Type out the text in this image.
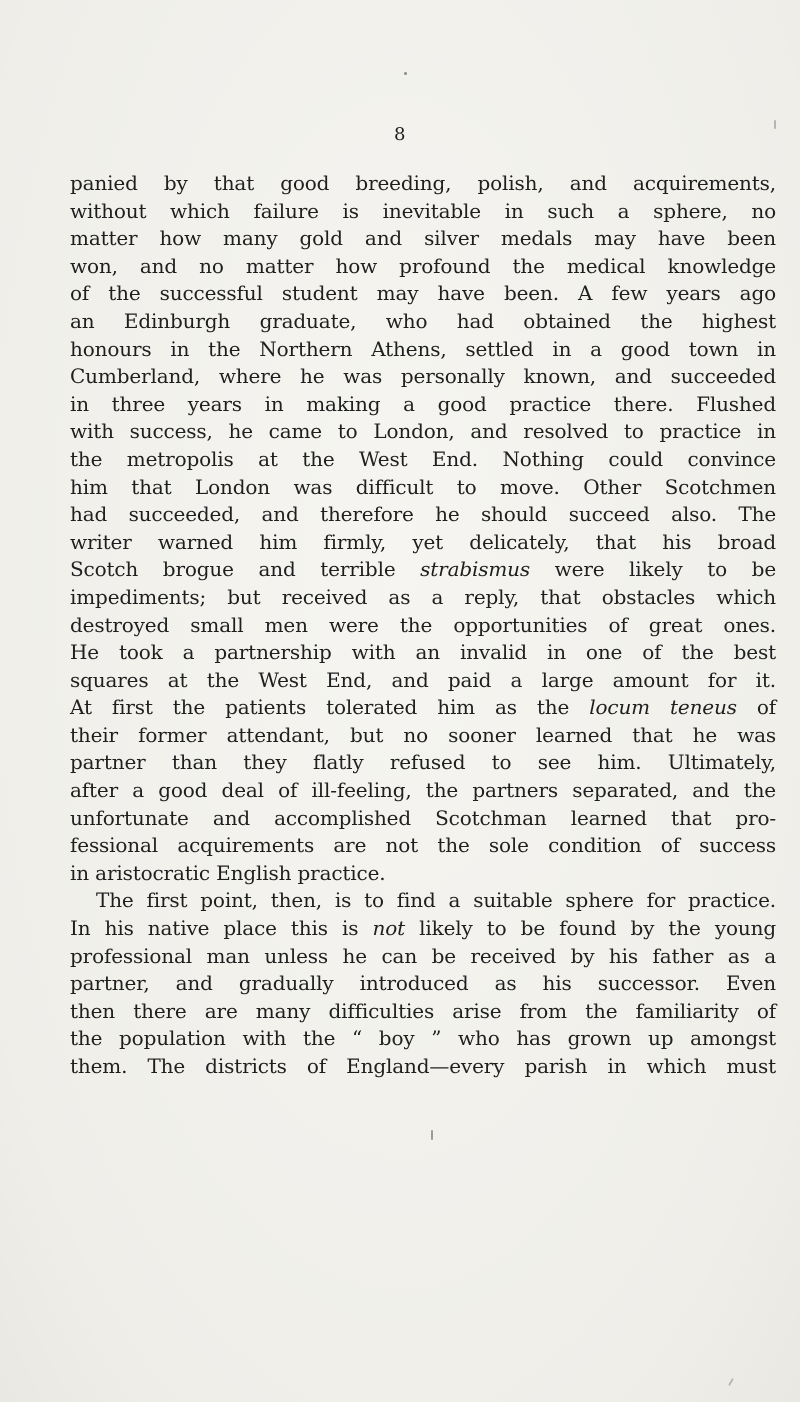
8
panied by that good breeding, polish, and acquirements,
without which failure is inevitable in such a sphere, no
matter how many gold and silver medals may have been
won, and no matter how profound the medical knowledge
of the successful student may have been. A few years ago
an Edinburgh graduate, who had obtained the highest
honours in the Northern Athens, settled in a good town in
Cumberland, where he was personally known, and succeeded
in three years in making a good practice there. Flushed
with success, he came to London, and resolved to practice in
the metropolis at the West End. Nothing could convince
him that London was difficult to move. Other Scotchmen
had succeeded, and therefore he should succeed also. The
writer warned him firmly, yet delicately, that his broad
Scotch brogue and terrible strabismus were likely to be
impediments; but received as a reply, that obstacles which
destroyed small men were the opportunities of great ones.
He took a partnership with an invalid in one of the best
squares at the West End, and paid a large amount for it.
At first the patients tolerated him as the locum teneus of
their former attendant, but no sooner learned that he was
partner than they flatly refused to see him. Ultimately,
after a good deal of ill-feeling, the partners separated, and the
unfortunate and accomplished Scotchman learned that pro-
fessional acquirements are not the sole condition of success
in aristocratic English practice.
The first point, then, is to find a suitable sphere for practice.
In his native place this is not likely to be found by the young
professional man unless he can be received by his father as a
partner, and gradually introduced as his successor. Even
then there are many difficulties arise from the familiarity of
the population with the “ boy ” who has grown up amongst
them. The districts of England—every parish in which must
